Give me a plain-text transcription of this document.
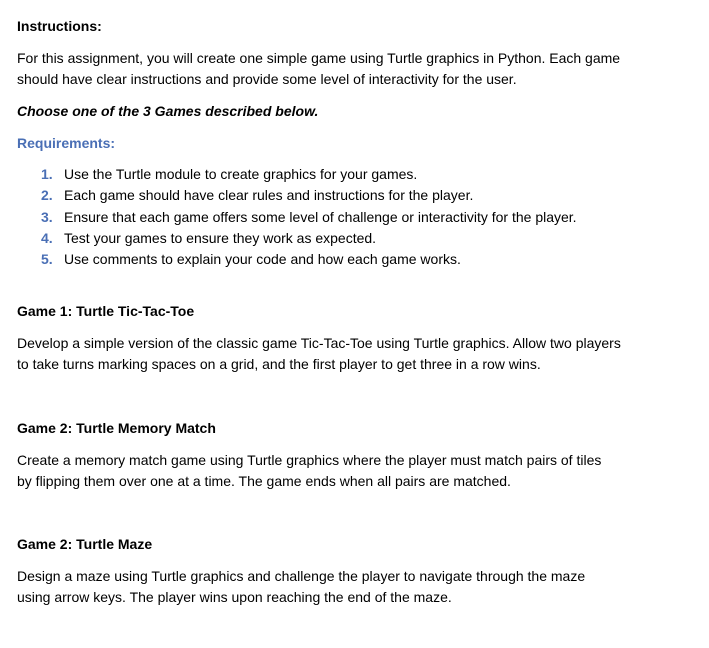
Instructions:
For this assignment, you will create one simple game using Turtle graphics in Python. Each game
should have clear instructions and provide some level of interactivity for the user.
Choose one of the 3 Games described below.
Requirements:
1. Use the Turtle module to create graphics for your games.
2. Each game should have clear rules and instructions for the player.
3. Ensure that each game offers some level of challenge or interactivity for the player.
4. Test your games to ensure they work as expected.
5. Use comments to explain your code and how each game works.
Game 1: Turtle Tic-Tac-Toe
Develop a simple version of the classic game Tic-Tac-Toe using Turtle graphics. Allow two players
to take turns marking spaces on a grid, and the first player to get three in a row wins.
Game 2: Turtle Memory Match
Create a memory match game using Turtle graphics where the player must match pairs of tiles
by flipping them over one at a time. The game ends when all pairs are matched.
Game 2: Turtle Maze
Design a maze using Turtle graphics and challenge the player to navigate through the maze
using arrow keys. The player wins upon reaching the end of the maze.
